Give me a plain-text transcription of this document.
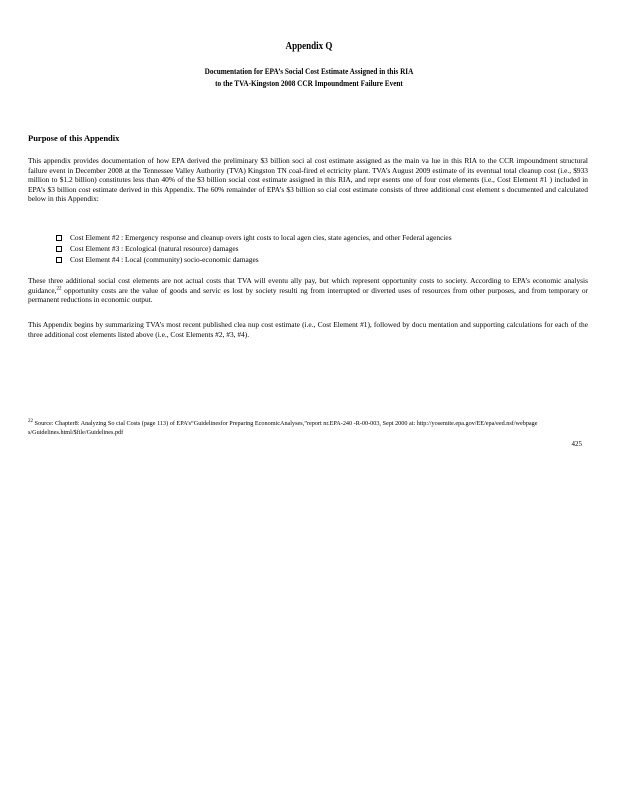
Appendix Q
Documentation for EPA’s Social Cost Estimate Assigned in this RIA
to the TVA-Kingston 2008 CCR Impoundment Failure Event
Purpose of this Appendix
This appendix provides documentation of how EPA derived the preliminary $3 billion soci al cost estimate assigned as the main va lue in this RIA to the CCR impoundment structural failure event in December 2008 at the Tennessee Valley Authority (TVA) Kingston TN coal-fired el ectricity plant. TVA’s August 2009 estimate of its eventual total cleanup cost (i.e., $933 million to $1.2 billion) constitutes less than 40% of the $3 billion social cost estimate assigned in this RIA, and repr esents one of four cost elements (i.e., Cost Element #1 ) included in EPA’s $3 billion cost estimate derived in this Appendix. The 60% remainder of EPA’s $3 billion so cial cost estimate consists of three additional cost element s documented and calculated below in this Appendix:
Cost Element #2 : Emergency response and cleanup overs ight costs to local agen cies, state agencies, and other Federal agencies
Cost Element #3 : Ecological (natural resource) damages
Cost Element #4 : Local (community) socio-economic damages
These three additional social cost elements are not actual costs that TVA will eventu ally pay, but which represent opportunity costs to society. According to EPA’s economic analysis guidance,$^{22}$ opportunity costs are the value of goods and servic es lost by society resulti ng from interrupted or diverted uses of resources from other purposes, and from temporary or permanent reductions in economic output.
This Appendix begins by summarizing TVA’s most recent published clea nup cost estimate (i.e., Cost Element #1), followed by docu mentation and supporting calculations for each of the three additional cost elements listed above (i.e., Cost Elements #2, #3, #4).
$^{22}$ Source: Chapter8: Analyzing So cial Costs (page 113) of EPA’s“Guidelinesfor Preparing EconomicAnalyses,”report nr.EPA-240 -R-00-003, Sept 2000 at: http://yosemite.epa.gov/EE/epa/eed.nsf/webpage s/Guidelines.html/$file/Guidelines.pdf
425
